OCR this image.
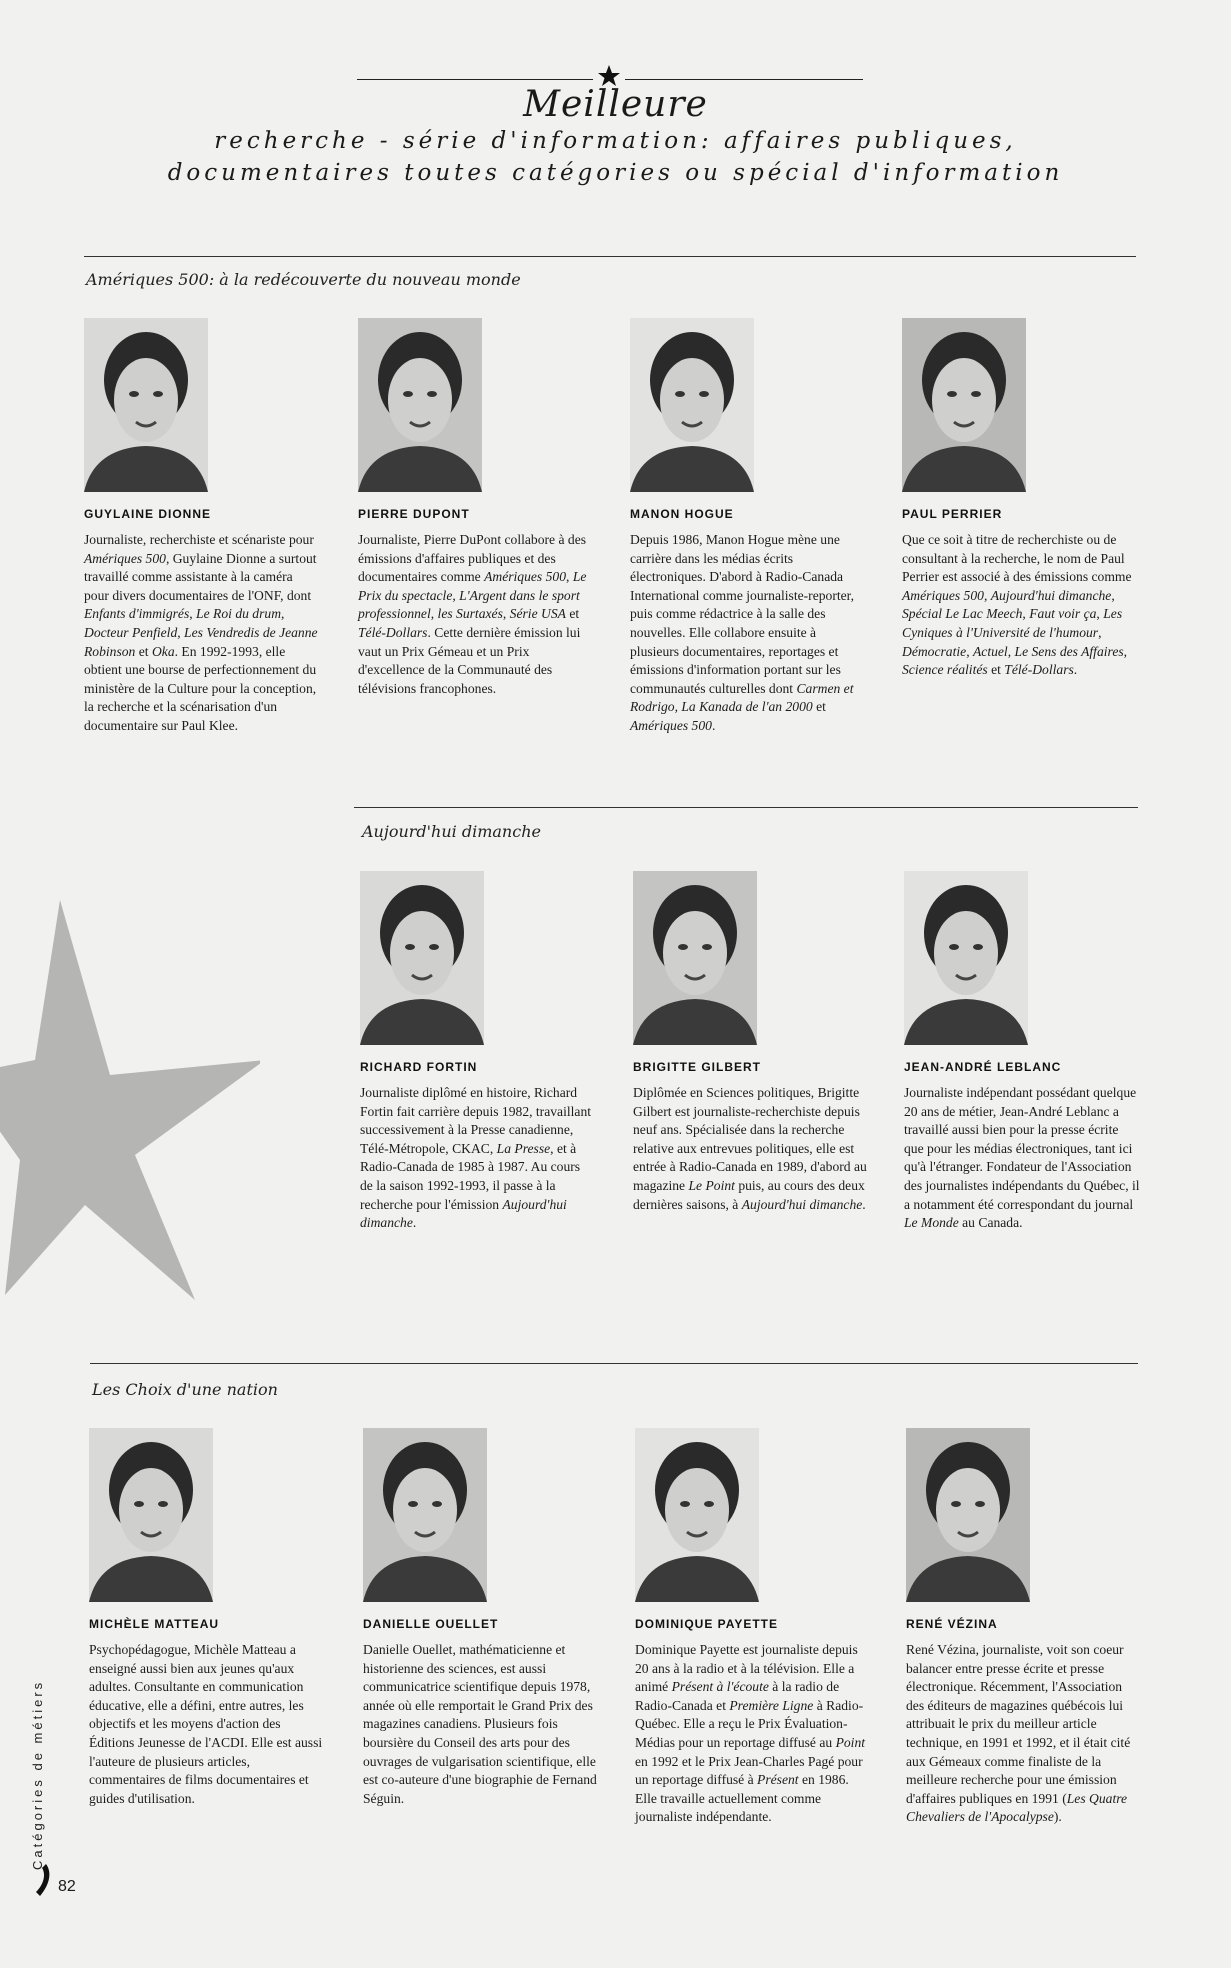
Meilleure
recherche - série d'information: affaires publiques,
documentaires toutes catégories ou spécial d'information
Amériques 500: à la redécouverte du nouveau monde
Aujourd'hui dimanche
Les Choix d'une nation
GUYLAINE DIONNE
Journaliste, recherchiste et scénariste pour Amériques 500, Guylaine Dionne a surtout travaillé comme assistante à la caméra pour divers documentaires de l'ONF, dont Enfants d'immigrés, Le Roi du drum, Docteur Penfield, Les Vendredis de Jeanne Robinson et Oka. En 1992-1993, elle obtient une bourse de perfectionnement du ministère de la Culture pour la conception, la recherche et la scénarisation d'un documentaire sur Paul Klee.
PIERRE DUPONT
Journaliste, Pierre DuPont collabore à des émissions d'affaires publiques et des documentaires comme Amériques 500, Le Prix du spectacle, L'Argent dans le sport professionnel, les Surtaxés, Série USA et Télé-Dollars. Cette dernière émission lui vaut un Prix Gémeau et un Prix d'excellence de la Communauté des télévisions francophones.
MANON HOGUE
Depuis 1986, Manon Hogue mène une carrière dans les médias écrits électroniques. D'abord à Radio-Canada International comme journaliste-reporter, puis comme rédactrice à la salle des nouvelles. Elle collabore ensuite à plusieurs documentaires, reportages et émissions d'information portant sur les communautés culturelles dont Carmen et Rodrigo, La Kanada de l'an 2000 et Amériques 500.
PAUL PERRIER
Que ce soit à titre de recherchiste ou de consultant à la recherche, le nom de Paul Perrier est associé à des émissions comme Amériques 500, Aujourd'hui dimanche, Spécial Le Lac Meech, Faut voir ça, Les Cyniques à l'Université de l'humour, Démocratie, Actuel, Le Sens des Affaires, Science réalités et Télé-Dollars.
RICHARD FORTIN
Journaliste diplômé en histoire, Richard Fortin fait carrière depuis 1982, travaillant successivement à la Presse canadienne, Télé-Métropole, CKAC, La Presse, et à Radio-Canada de 1985 à 1987. Au cours de la saison 1992-1993, il passe à la recherche pour l'émission Aujourd'hui dimanche.
BRIGITTE GILBERT
Diplômée en Sciences politiques, Brigitte Gilbert est journaliste-recherchiste depuis neuf ans. Spécialisée dans la recherche relative aux entrevues politiques, elle est entrée à Radio-Canada en 1989, d'abord au magazine Le Point puis, au cours des deux dernières saisons, à Aujourd'hui dimanche.
JEAN-ANDRÉ LEBLANC
Journaliste indépendant possédant quelque 20 ans de métier, Jean-André Leblanc a travaillé aussi bien pour la presse écrite que pour les médias électroniques, tant ici qu'à l'étranger. Fondateur de l'Association des journalistes indépendants du Québec, il a notamment été correspondant du journal Le Monde au Canada.
MICHÈLE MATTEAU
Psychopédagogue, Michèle Matteau a enseigné aussi bien aux jeunes qu'aux adultes. Consultante en communication éducative, elle a défini, entre autres, les objectifs et les moyens d'action des Éditions Jeunesse de l'ACDI. Elle est aussi l'auteure de plusieurs articles, commentaires de films documentaires et guides d'utilisation.
DANIELLE OUELLET
Danielle Ouellet, mathématicienne et historienne des sciences, est aussi communicatrice scientifique depuis 1978, année où elle remportait le Grand Prix des magazines canadiens. Plusieurs fois boursière du Conseil des arts pour des ouvrages de vulgarisation scientifique, elle est co-auteure d'une biographie de Fernand Séguin.
DOMINIQUE PAYETTE
Dominique Payette est journaliste depuis 20 ans à la radio et à la télévision. Elle a animé Présent à l'écoute à la radio de Radio-Canada et Première Ligne à Radio-Québec. Elle a reçu le Prix Évaluation-Médias pour un reportage diffusé au Point en 1992 et le Prix Jean-Charles Pagé pour un reportage diffusé à Présent en 1986. Elle travaille actuellement comme journaliste indépendante.
RENÉ VÉZINA
René Vézina, journaliste, voit son coeur balancer entre presse écrite et presse électronique. Récemment, l'Association des éditeurs de magazines québécois lui attribuait le prix du meilleur article technique, en 1991 et 1992, et il était cité aux Gémeaux comme finaliste de la meilleure recherche pour une émission d'affaires publiques en 1991 (Les Quatre Chevaliers de l'Apocalypse).
Catégories de métiers
82
